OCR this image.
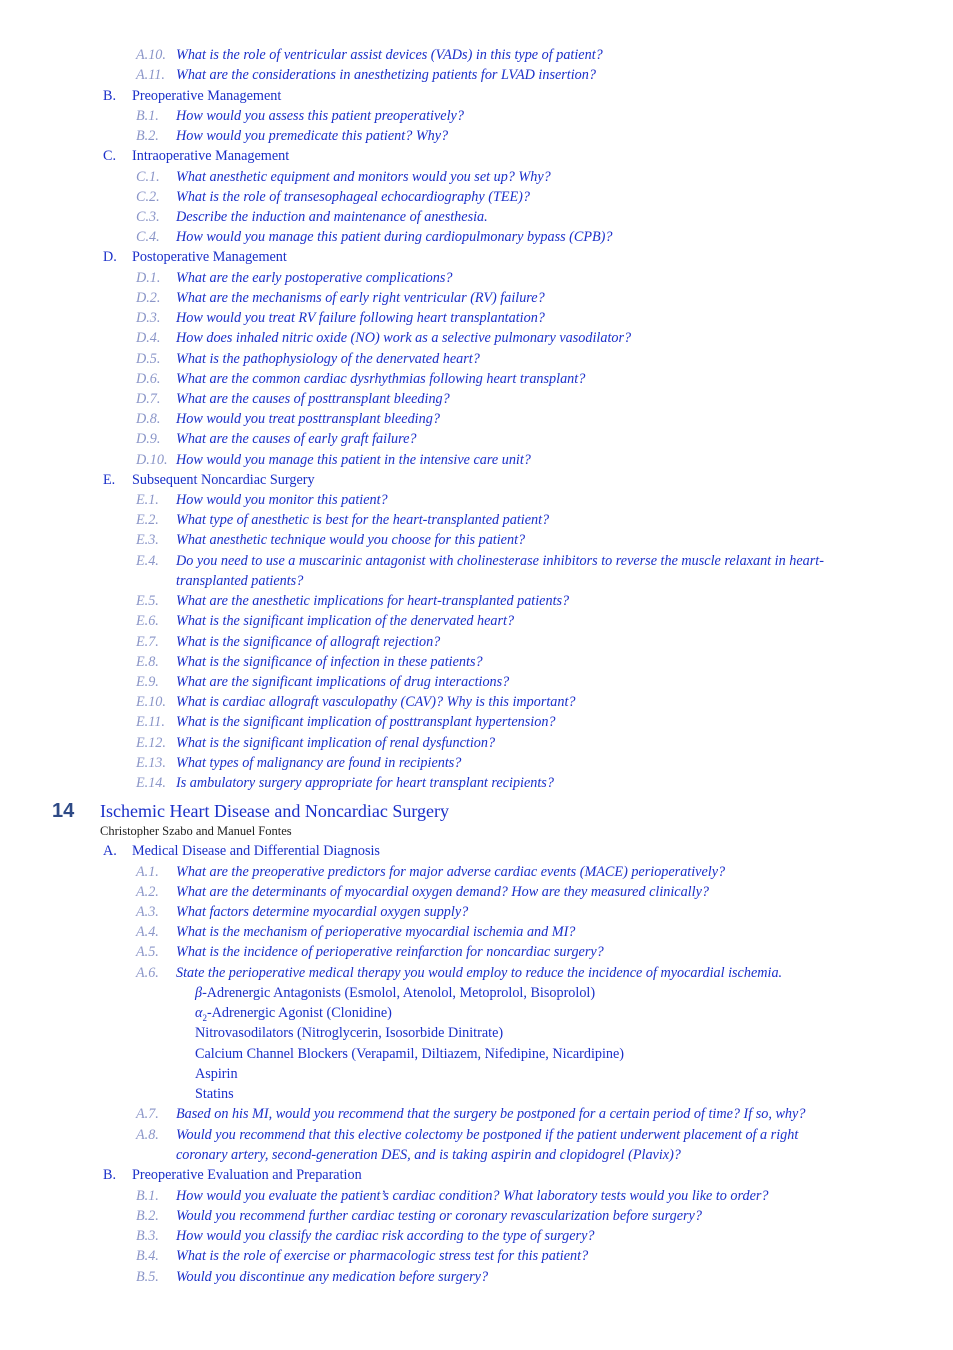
A.10. What is the role of ventricular assist devices (VADs) in this type of patient?
A.11. What are the considerations in anesthetizing patients for LVAD insertion?
B. Preoperative Management
B.1. How would you assess this patient preoperatively?
B.2. How would you premedicate this patient? Why?
C. Intraoperative Management
C.1. What anesthetic equipment and monitors would you set up? Why?
C.2. What is the role of transesophageal echocardiography (TEE)?
C.3. Describe the induction and maintenance of anesthesia.
C.4. How would you manage this patient during cardiopulmonary bypass (CPB)?
D. Postoperative Management
D.1. What are the early postoperative complications?
D.2. What are the mechanisms of early right ventricular (RV) failure?
D.3. How would you treat RV failure following heart transplantation?
D.4. How does inhaled nitric oxide (NO) work as a selective pulmonary vasodilator?
D.5. What is the pathophysiology of the denervated heart?
D.6. What are the common cardiac dysrhythmias following heart transplant?
D.7. What are the causes of posttransplant bleeding?
D.8. How would you treat posttransplant bleeding?
D.9. What are the causes of early graft failure?
D.10. How would you manage this patient in the intensive care unit?
E. Subsequent Noncardiac Surgery
E.1. How would you monitor this patient?
E.2. What type of anesthetic is best for the heart-transplanted patient?
E.3. What anesthetic technique would you choose for this patient?
E.4. Do you need to use a muscarinic antagonist with cholinesterase inhibitors to reverse the muscle relaxant in heart-
transplanted patients?
E.5. What are the anesthetic implications for heart-transplanted patients?
E.6. What is the significant implication of the denervated heart?
E.7. What is the significance of allograft rejection?
E.8. What is the significance of infection in these patients?
E.9. What are the significant implications of drug interactions?
E.10. What is cardiac allograft vasculopathy (CAV)? Why is this important?
E.11. What is the significant implication of posttransplant hypertension?
E.12. What is the significant implication of renal dysfunction?
E.13. What types of malignancy are found in recipients?
E.14. Is ambulatory surgery appropriate for heart transplant recipients?
14 Ischemic Heart Disease and Noncardiac Surgery
Christopher Szabo and Manuel Fontes
A. Medical Disease and Differential Diagnosis
A.1. What are the preoperative predictors for major adverse cardiac events (MACE) perioperatively?
A.2. What are the determinants of myocardial oxygen demand? How are they measured clinically?
A.3. What factors determine myocardial oxygen supply?
A.4. What is the mechanism of perioperative myocardial ischemia and MI?
A.5. What is the incidence of perioperative reinfarction for noncardiac surgery?
A.6. State the perioperative medical therapy you would employ to reduce the incidence of myocardial ischemia.
β-Adrenergic Antagonists (Esmolol, Atenolol, Metoprolol, Bisoprolol)
$\alpha_2$-Adrenergic Agonist (Clonidine)
Nitrovasodilators (Nitroglycerin, Isosorbide Dinitrate)
Calcium Channel Blockers (Verapamil, Diltiazem, Nifedipine, Nicardipine)
Aspirin
Statins
A.7. Based on his MI, would you recommend that the surgery be postponed for a certain period of time? If so, why?
A.8. Would you recommend that this elective colectomy be postponed if the patient underwent placement of a right
coronary artery, second-generation DES, and is taking aspirin and clopidogrel (Plavix)?
B. Preoperative Evaluation and Preparation
B.1. How would you evaluate the patient’s cardiac condition? What laboratory tests would you like to order?
B.2. Would you recommend further cardiac testing or coronary revascularization before surgery?
B.3. How would you classify the cardiac risk according to the type of surgery?
B.4. What is the role of exercise or pharmacologic stress test for this patient?
B.5. Would you discontinue any medication before surgery?
